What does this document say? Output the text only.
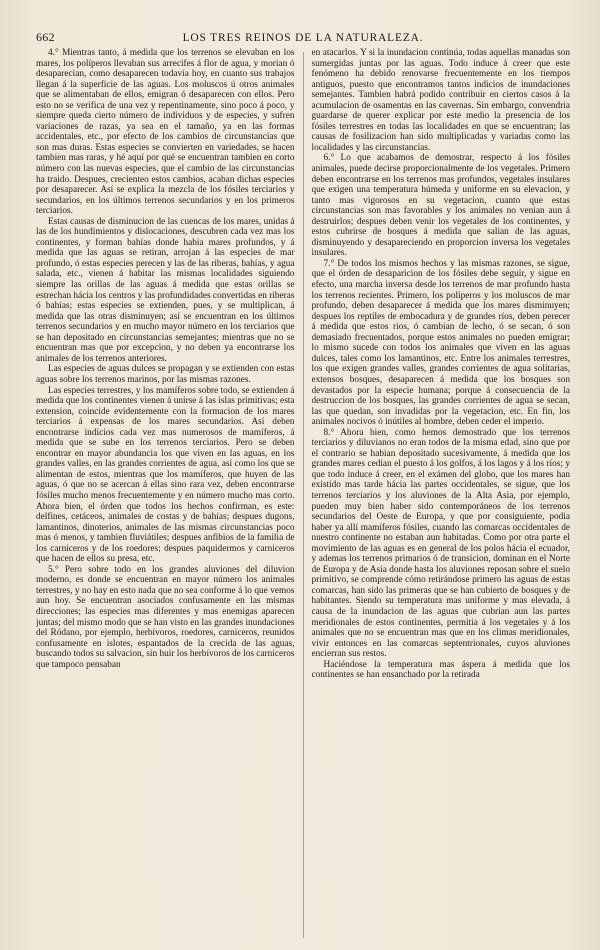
662	LOS TRES REINOS DE LA NATURALEZA.

4.° Mientras tanto, á medida que los terrenos se elevaban en los mares, los políperos llevaban sus arrecifes á flor de agua, y morian ó desaparecian, como desaparecen todavía hoy, en cuanto sus trabajos llegan á la superficie de las aguas. Los moluscos ú otros animales que se alimentaban de ellos, emigran ó desaparecen con ellos. Pero esto no se verifica de una vez y repentinamente, sino poco á poco, y siempre queda cierto número de individuos y de especies, y sufren variaciones de razas, ya sea en el tamaño, ya en las formas accidentales, etc., por efecto de los cambios de circunstancias que son mas duras. Estas especies se convierten en variedades, se hacen tambien mas raras, y hé aquí por qué se encuentran tambien en corto número con las nuevas especies, que el cambio de las circunstancias ha traido. Despues, crecienteo estos cambios, acaban dichas especies por desaparecer. Así se explica la mezcla de los fósiles terciarios y secundarios, en los últimos terrenos secundarios y en los primeros terciarios.

Estas causas de disminucion de las cuencas de los mares, unidas á las de los hundimientos y dislocaciones, descubren cada vez mas los continentes, y forman bahías donde habia mares profundos, y á medida que las aguas se retiran, arrojan á las especies de mar profundo, ó estas especies perecen y las de las riberas, bahías, y agua salada, etc., vienen á habitar las mismas localidades siguiendo siempre las orillas de las aguas á medida que estas orillas se estrechan hácia los centros y las profundidades convertidas en riberas ó bahías; estas especies se extienden, pues, y se multiplican, á medida que las otras disminuyen; así se encuentran en los últimos terrenos secundarios y en mucho mayor número en los terciarios que se han depositado en circunstancias semejantes; mientras que no se encuentran mas que por excepcion, y no deben ya encontrarse los animales de los terrenos anteriores.

Las especies de aguas dulces se propagan y se extienden con estas aguas sobre los terrenos marinos, por las mismas razones.

Las especies terrestres, y los mamíferos sobre todo, se extienden á medida que los continentes vienen á unirse á las islas primitivas; esta extension, coincide evidentemente con la formacion de los mares terciarios á expensas de los mares secundarios. Así deben encontrarse indicios cada vez mas numerosos de mamíferos, á medida que se sube en los terrenos terciarios. Pero se deben encontrar en mayor abundancia los que viven en las aguas, en los grandes valles, en las grandes corrientes de agua, así como los que se alimentan de estos, mientras que los mamíferos, que huyen de las aguas, ó que no se acercan á ellas sino rara vez, deben encontrarse fósiles mucho menos frecuentemente y en número mucho mas corto. Ahora bien, el órden que todos los hechos confirman, es este: delfines, cetáceos, animales de costas y de bahías; despues dugons, lamantinos, dinoterios, animales de las mismas circunstancias poco mas ó menos, y tambien fluviátiles; despues anfibios de la familia de los carniceros y de los roedores; despues paquidermos y carniceros que hacen de ellos su presa, etc.

5.° Pero sobre todo en los grandes aluviones del diluvion moderno, es donde se encuentran en mayor número los animales terrestres, y no hay en esto nada que no sea conforme á lo que vemos aun hoy. Se encuentran asociados confusamente en las mismas direcciones; las especies mas diferentes y mas enemigas aparecen juntas; del mismo modo que se han visto en las grandes inundaciones del Ródano, por ejemplo, herbívoros, roedores, carniceros, reunidos confusamente en islotes, espantados de la crecida de las aguas, buscando todos su salvacion, sin huir los herbívoros de los carniceros que tampoco pensaban

en atacarlos. Y si la inundacion continúa, todas aquellas manadas son sumergidas juntas por las aguas. Todo induce á creer que este fenómeno ha debido renovarse frecuentemente en los tiempos antiguos, puesto que encontramos tantos indicios de inundaciones semejantes. Tambien habrá podido contribuir en ciertos casos á la acumulacion de osamentas en las cavernas. Sin embargo, convendria guardarse de querer explicar por este medio la presencia de los fósiles terrestres en todas las localidades en que se encuentran; las causas de fosilizacion han sido multiplicadas y variadas como las localidades y las circunstancias.

6.° Lo que acabamos de demostrar, respecto á los fósiles animales, puede decirse proporcionalmente de los vegetales. Primero deben encontrarse en los terrenos mas profundos, vegetales insulares que exigen una temperatura húmeda y uniforme en su elevacion, y tanto mas vigorosos en su vegetacion, cuanto que estas circunstancias son mas favorables y los animales no venian aun á destruirlos; despues deben venir los vegetales de los continentes, y estos cubrirse de bosques á medida que salian de las aguas, disminuyendo y desapareciendo en proporcion inversa los vegetales insulares.

7.° De todos los mismos hechos y las mismas razones, se sigue, que el órden de desaparicion de los fósiles debe seguir, y sigue en efecto, una marcha inversa desde los terrenos de mar profundo hasta los terrenos recientes. Primero, los políperos y los moluscos de mar profundo, deben desaparecer á medida que los mares disminuyen; despues los reptiles de embocadura y de grandes ríos, deben perecer á medida que estos ríos, ó cambian de lecho, ó se secan, ó son demasiado frecuentados, porque estos animales no pueden emigrar; lo mismo sucede con todos los animales que viven en las aguas dulces, tales como los lamantinos, etc. Entre los animales terrestres, los que exigen grandes valles, grandes corrientes de agua solitarias, extensos bosques, desaparecen á medida que los bosques son devastados por la especie humana; porque á consecuencia de la destruccion de los bosques, las grandes corrientes de agua se secan, las que quedan, son invadidas por la vegetacion, etc. En fin, los animales nocivos ó inútiles al hombre, deben ceder el imperio.

8.° Ahora bien, como hemos demostrado que los terrenos terciarios y diluvianos no eran todos de la misma edad, sino que por el contrario se habian depositado sucesivamente, á medida que los grandes mares cedian el puesto á los golfos, á los lagos y á los ríos; y que todo induce á creer, en el exámen del globo, que los mares han existido mas tarde hácia las partes occidentales, se sigue, que los terrenos terciarios y los aluviones de la Alta Asia, por ejemplo, pueden muy bien haber sido contemporáneos de los terrenos secundarios del Oeste de Europa, y que por consiguiente, podia haber ya allí mamíferos fósiles, cuando las comarcas occidentales de nuestro continente no estaban aun habitadas. Como por otra parte el movimiento de las aguas es en general de los polos hácia el ecuador, y ademas los terrenos primarios ó de transicion, dominan en el Norte de Europa y de Asia donde hasta los aluviones reposan sobre el suelo primitivo, se comprende cómo retirándose primero las aguas de estas comarcas, han sido las primeras que se han cubierto de bosques y de habitantes. Siendo su temperatura mas uniforme y mas elevada, á causa de la inundacion de las aguas que cubrian aun las partes meridionales de estos continentes, permitia á los vegetales y á los animales que no se encuentran mas que en los climas meridionales, vivir entonces en las comarcas septentrionales, cuyos aluviones encierran sus restos.

Haciéndose la temperatura mas áspera á medida que los continentes se han ensanchado por la retirada
